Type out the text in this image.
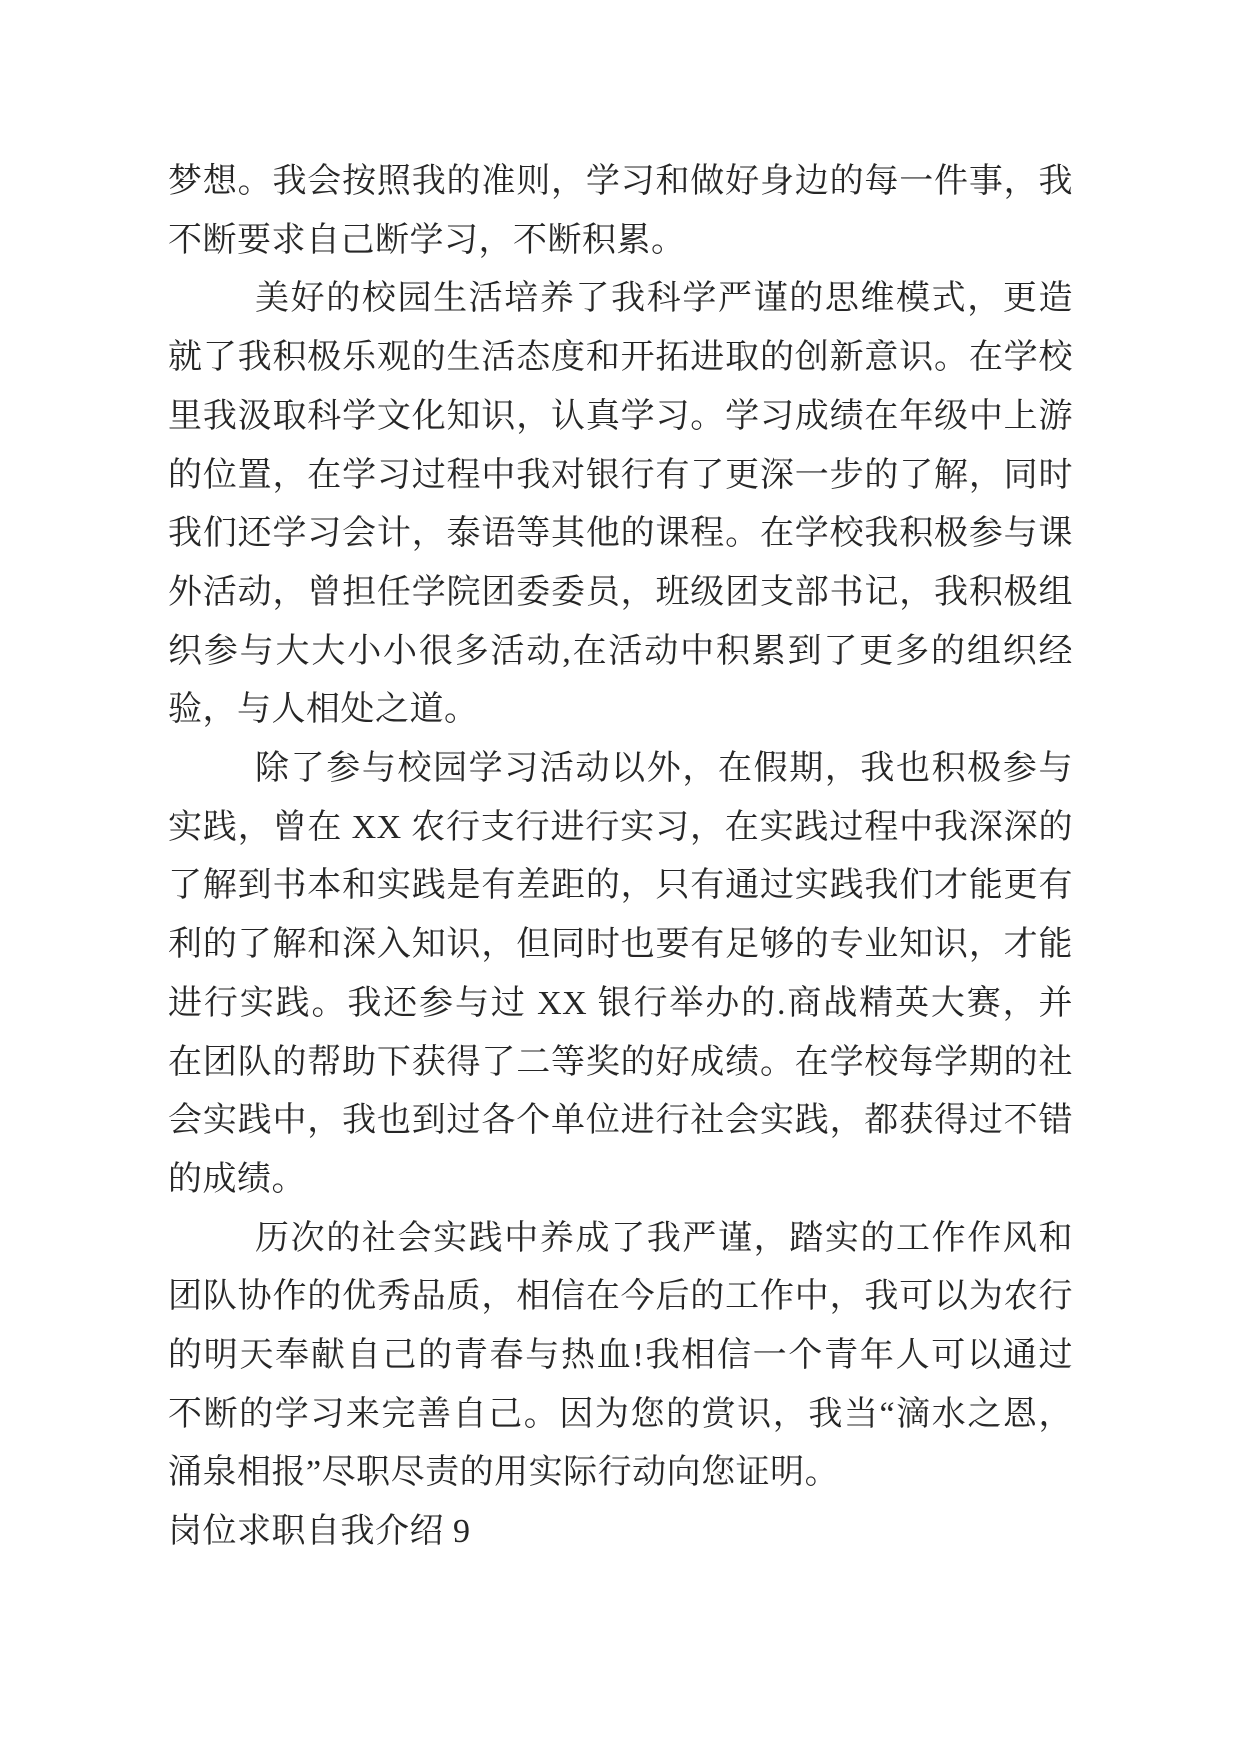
梦想。我会按照我的准则，学习和做好身边的每一件事，我不断要求自己断学习，不断积累。

美好的校园生活培养了我科学严谨的思维模式，更造就了我积极乐观的生活态度和开拓进取的创新意识。在学校里我汲取科学文化知识，认真学习。学习成绩在年级中上游的位置，在学习过程中我对银行有了更深一步的了解，同时我们还学习会计，泰语等其他的课程。在学校我积极参与课外活动，曾担任学院团委委员，班级团支部书记，我积极组织参与大大小小很多活动,在活动中积累到了更多的组织经验，与人相处之道。

除了参与校园学习活动以外，在假期，我也积极参与实践，曾在 XX 农行支行进行实习，在实践过程中我深深的了解到书本和实践是有差距的，只有通过实践我们才能更有利的了解和深入知识，但同时也要有足够的专业知识，才能进行实践。我还参与过 XX 银行举办的.商战精英大赛，并在团队的帮助下获得了二等奖的好成绩。在学校每学期的社会实践中，我也到过各个单位进行社会实践，都获得过不错的成绩。

历次的社会实践中养成了我严谨，踏实的工作作风和团队协作的优秀品质，相信在今后的工作中，我可以为农行的明天奉献自己的青春与热血!我相信一个青年人可以通过不断的学习来完善自己。因为您的赏识，我当“滴水之恩，涌泉相报”尽职尽责的用实际行动向您证明。

岗位求职自我介绍 9
